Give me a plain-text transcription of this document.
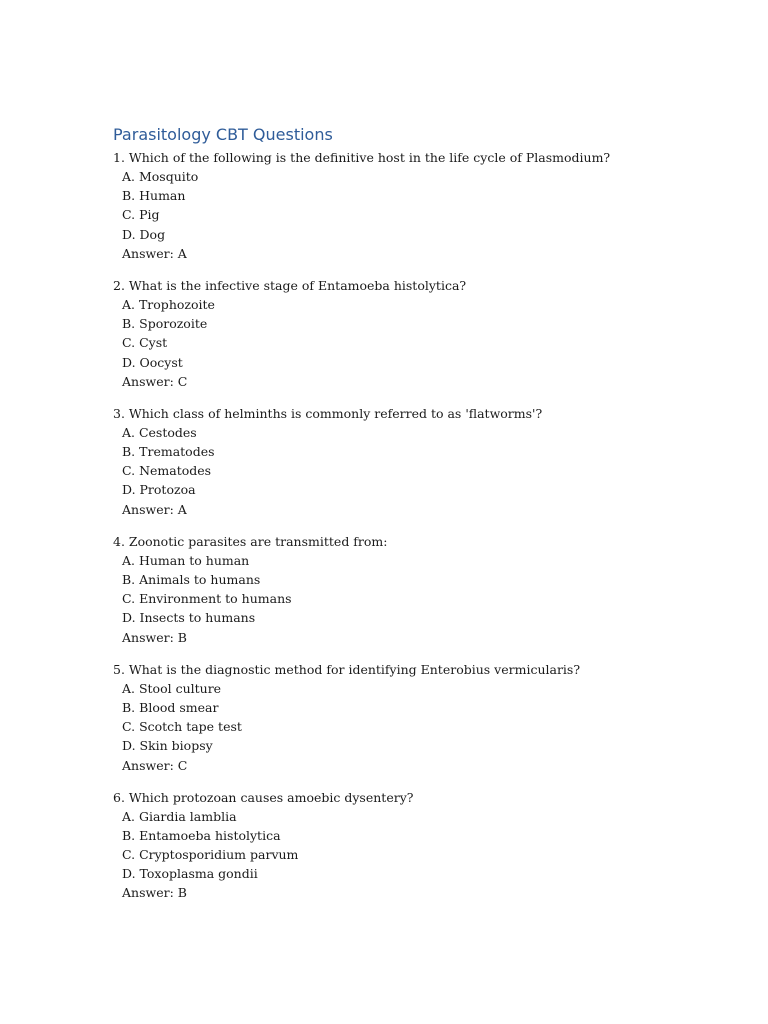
Parasitology CBT Questions
1. Which of the following is the definitive host in the life cycle of Plasmodium?
A. Mosquito
B. Human
C. Pig
D. Dog
Answer: A
2. What is the infective stage of Entamoeba histolytica?
A. Trophozoite
B. Sporozoite
C. Cyst
D. Oocyst
Answer: C
3. Which class of helminths is commonly referred to as 'flatworms'?
A. Cestodes
B. Trematodes
C. Nematodes
D. Protozoa
Answer: A
4. Zoonotic parasites are transmitted from:
A. Human to human
B. Animals to humans
C. Environment to humans
D. Insects to humans
Answer: B
5. What is the diagnostic method for identifying Enterobius vermicularis?
A. Stool culture
B. Blood smear
C. Scotch tape test
D. Skin biopsy
Answer: C
6. Which protozoan causes amoebic dysentery?
A. Giardia lamblia
B. Entamoeba histolytica
C. Cryptosporidium parvum
D. Toxoplasma gondii
Answer: B
